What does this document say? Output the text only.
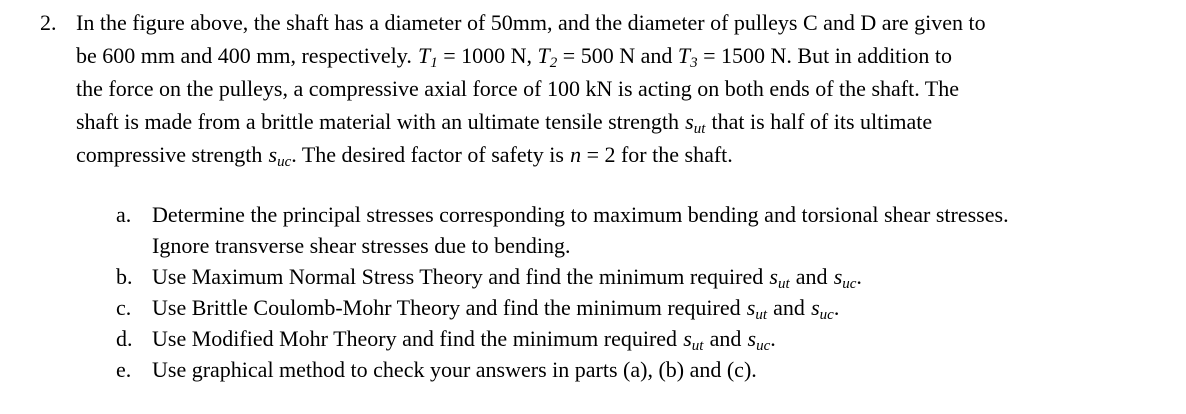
2. In the figure above, the shaft has a diameter of 50mm, and the diameter of pulleys C and D are given to
be 600 mm and 400 mm, respectively. $T_1 = 1000$ N, $T_2 = 500$ N and $T_3 = 1500$ N. But in addition to
the force on the pulleys, a compressive axial force of 100 kN is acting on both ends of the shaft. The
shaft is made from a brittle material with an ultimate tensile strength $s_{ut}$ that is half of its ultimate
compressive strength $s_{uc}$. The desired factor of safety is n = 2 for the shaft.
a. Determine the principal stresses corresponding to maximum bending and torsional shear stresses.
Ignore transverse shear stresses due to bending.
b. Use Maximum Normal Stress Theory and find the minimum required $s_{ut}$ and $s_{uc}$.
c. Use Brittle Coulomb-Mohr Theory and find the minimum required $s_{ut}$ and $s_{uc}$.
d. Use Modified Mohr Theory and find the minimum required $s_{ut}$ and $s_{uc}$.
e. Use graphical method to check your answers in parts (a), (b) and (c).
